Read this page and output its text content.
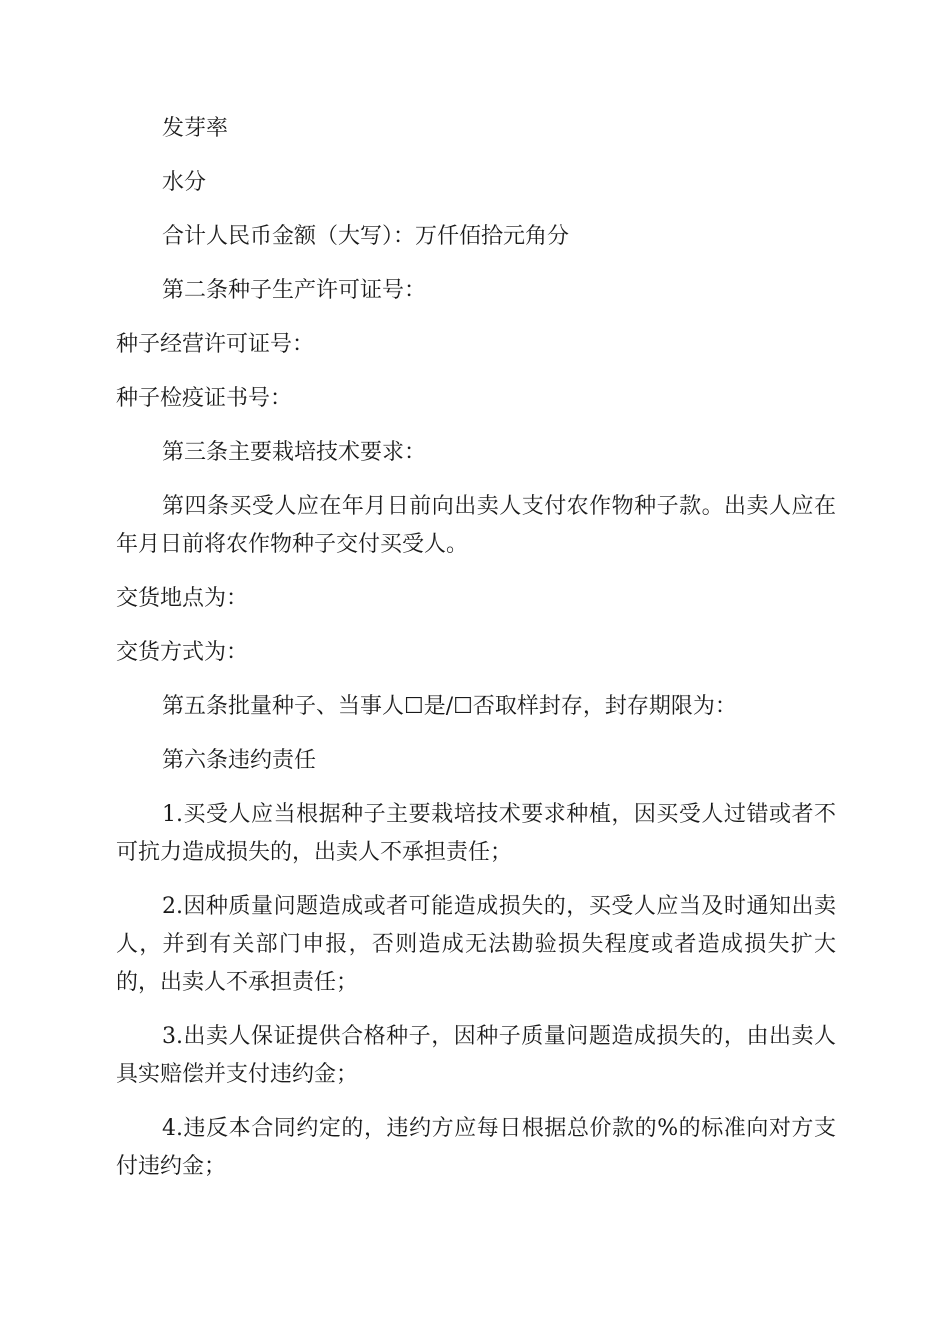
发芽率

水分

合计人民币金额（大写）：万仟佰拾元角分

第二条种子生产许可证号：

种子经营许可证号：

种子检疫证书号：

第三条主要栽培技术要求：

第四条买受人应在年月日前向出卖人支付农作物种子款。出卖人应在年月日前将农作物种子交付买受人。

交货地点为：

交货方式为：

第五条批量种子、当事人☐是/☐否取样封存，封存期限为：

第六条违约责任

1.买受人应当根据种子主要栽培技术要求种植，因买受人过错或者不可抗力造成损失的，出卖人不承担责任；

2.因种质量问题造成或者可能造成损失的，买受人应当及时通知出卖人，并到有关部门申报，否则造成无法勘验损失程度或者造成损失扩大的，出卖人不承担责任；

3.出卖人保证提供合格种子，因种子质量问题造成损失的，由出卖人具实赔偿并支付违约金；

4.违反本合同约定的，违约方应每日根据总价款的%的标准向对方支付违约金；
